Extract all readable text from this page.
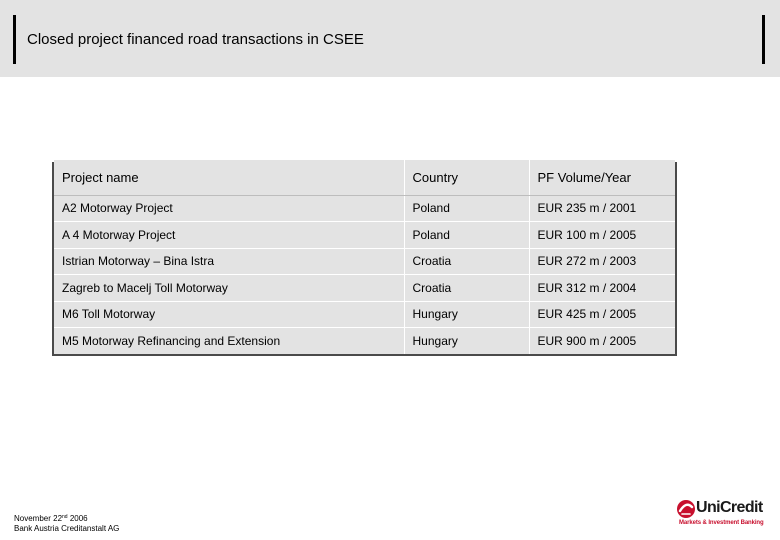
Closed project financed road transactions in CSEE
Project name	Country	PF Volume/Year
A2 Motorway Project	Poland	EUR 235 m / 2001
A 4 Motorway Project	Poland	EUR 100 m / 2005
Istrian Motorway – Bina Istra	Croatia	EUR 272 m / 2003
Zagreb to Macelj Toll Motorway	Croatia	EUR 312 m / 2004
M6 Toll Motorway	Hungary	EUR 425 m / 2005
M5 Motorway Refinancing and Extension	Hungary	EUR 900 m / 2005
November 22nd 2006
Bank Austria Creditanstalt AG
UniCredit
Markets & Investment Banking
